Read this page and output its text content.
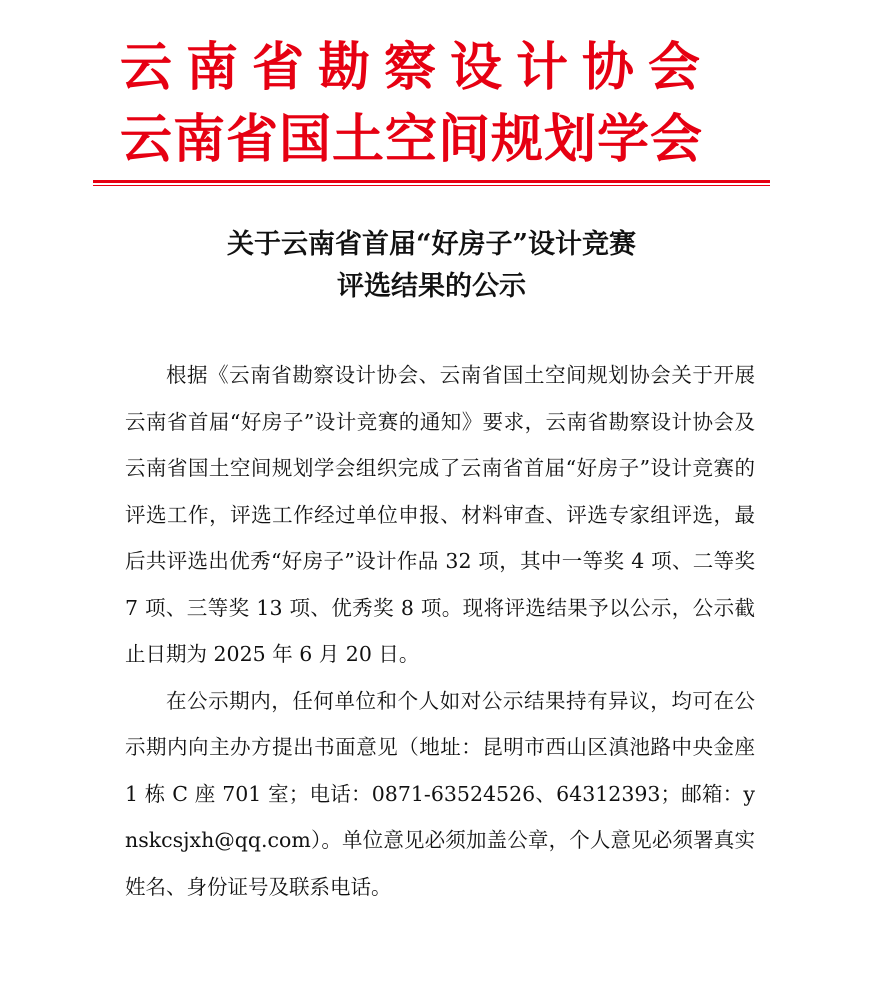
云南省勘察设计协会
云南省国土空间规划学会
关于云南省首届“好房子”设计竞赛
评选结果的公示

根据《云南省勘察设计协会、云南省国土空间规划协会关于开展云南省首届“好房子”设计竞赛的通知》要求，云南省勘察设计协会及云南省国土空间规划学会组织完成了云南省首届“好房子”设计竞赛的评选工作，评选工作经过单位申报、材料审查、评选专家组评选，最后共评选出优秀“好房子”设计作品 32 项，其中一等奖 4 项、二等奖 7 项、三等奖 13 项、优秀奖 8 项。现将评选结果予以公示，公示截止日期为 2025 年 6 月 20 日。

在公示期内，任何单位和个人如对公示结果持有异议，均可在公示期内向主办方提出书面意见（地址：昆明市西山区滇池路中央金座 1 栋 C 座 701 室；电话：0871-63524526、64312393；邮箱：ynskcsjxh@qq.com）。单位意见必须加盖公章，个人意见必须署真实姓名、身份证号及联系电话。
